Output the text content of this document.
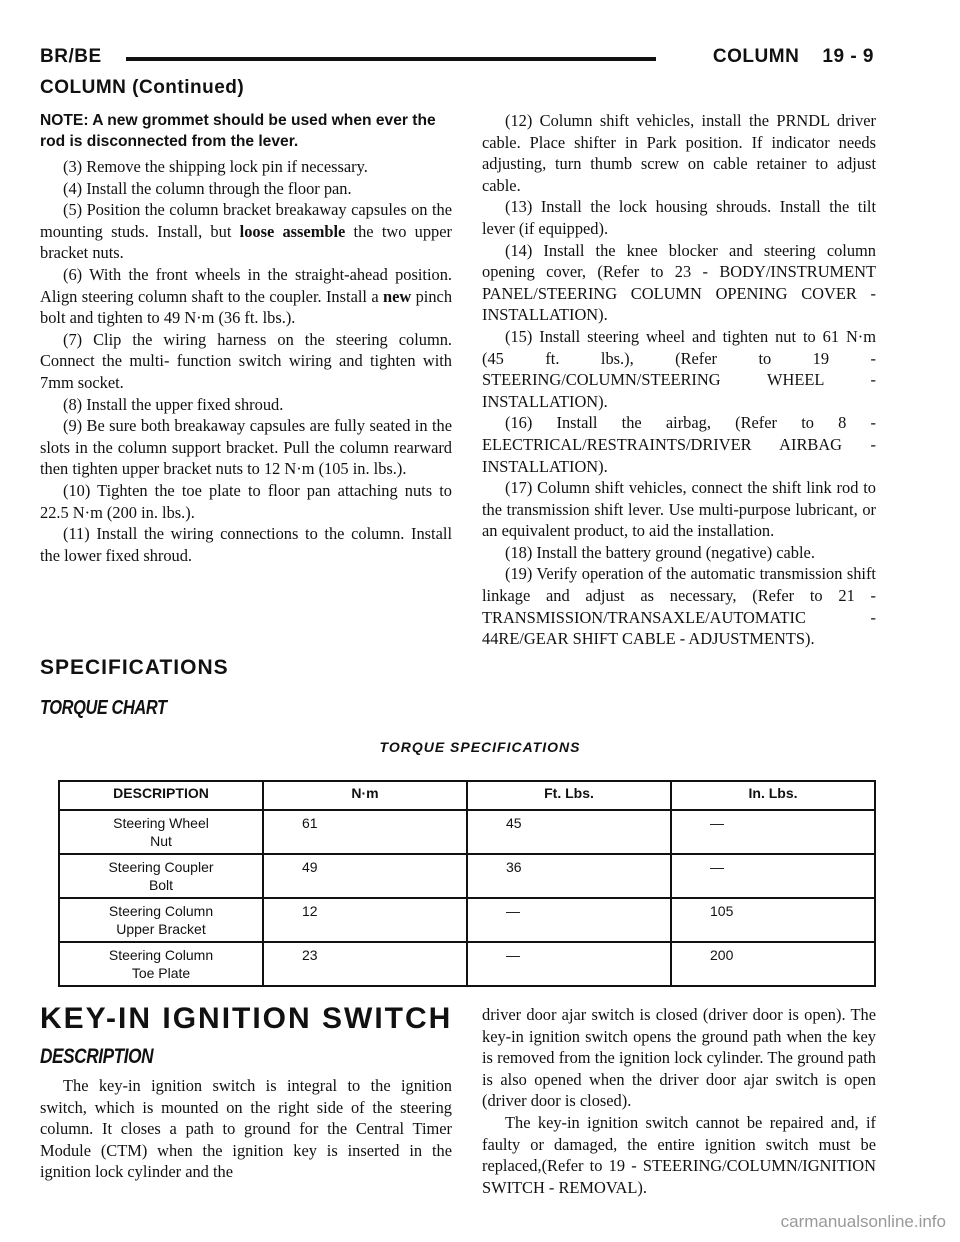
BR/BE	COLUMN    19 - 9
COLUMN (Continued)

NOTE: A new grommet should be used when ever the rod is disconnected from the lever.

(3) Remove the shipping lock pin if necessary.

(4) Install the column through the floor pan.

(5) Position the column bracket breakaway capsules on the mounting studs. Install, but loose assemble the two upper bracket nuts.

(6) With the front wheels in the straight-ahead position. Align steering column shaft to the coupler. Install a new pinch bolt and tighten to 49 N·m (36 ft. lbs.).

(7) Clip the wiring harness on the steering column. Connect the multi- function switch wiring and tighten with 7mm socket.

(8) Install the upper fixed shroud.

(9) Be sure both breakaway capsules are fully seated in the slots in the column support bracket. Pull the column rearward then tighten upper bracket nuts to 12 N·m (105 in. lbs.).

(10) Tighten the toe plate to floor pan attaching nuts to 22.5 N·m (200 in. lbs.).

(11) Install the wiring connections to the column. Install the lower fixed shroud.

(12) Column shift vehicles, install the PRNDL driver cable. Place shifter in Park position. If indicator needs adjusting, turn thumb screw on cable retainer to adjust cable.

(13) Install the lock housing shrouds. Install the tilt lever (if equipped).

(14) Install the knee blocker and steering column opening cover, (Refer to 23 - BODY/INSTRUMENT PANEL/STEERING COLUMN OPENING COVER - INSTALLATION).

(15) Install steering wheel and tighten nut to 61 N·m (45 ft. lbs.), (Refer to 19 - STEERING/COLUMN/STEERING WHEEL - INSTALLATION).

(16) Install the airbag, (Refer to 8 - ELECTRICAL/RESTRAINTS/DRIVER AIRBAG - INSTALLATION).

(17) Column shift vehicles, connect the shift link rod to the transmission shift lever. Use multi-purpose lubricant, or an equivalent product, to aid the installation.

(18) Install the battery ground (negative) cable.

(19) Verify operation of the automatic transmission shift linkage and adjust as necessary, (Refer to 21 - TRANSMISSION/TRANSAXLE/AUTOMATIC - 44RE/GEAR SHIFT CABLE - ADJUSTMENTS).

SPECIFICATIONS
TORQUE CHART
TORQUE SPECIFICATIONS
DESCRIPTION	N·m	Ft. Lbs.	In. Lbs.
Steering Wheel
Nut	61	45	—
Steering Coupler
Bolt	49	36	—
Steering Column
Upper Bracket	12	—	105
Steering Column
Toe Plate	23	—	200
KEY-IN IGNITION SWITCH
DESCRIPTION

The key-in ignition switch is integral to the ignition switch, which is mounted on the right side of the steering column. It closes a path to ground for the Central Timer Module (CTM) when the ignition key is inserted in the ignition lock cylinder and the

driver door ajar switch is closed (driver door is open). The key-in ignition switch opens the ground path when the key is removed from the ignition lock cylinder. The ground path is also opened when the driver door ajar switch is open (driver door is closed).

The key-in ignition switch cannot be repaired and, if faulty or damaged, the entire ignition switch must be replaced,(Refer to 19 - STEERING/COLUMN/IGNITION SWITCH - REMOVAL).

carmanualsonline.info
